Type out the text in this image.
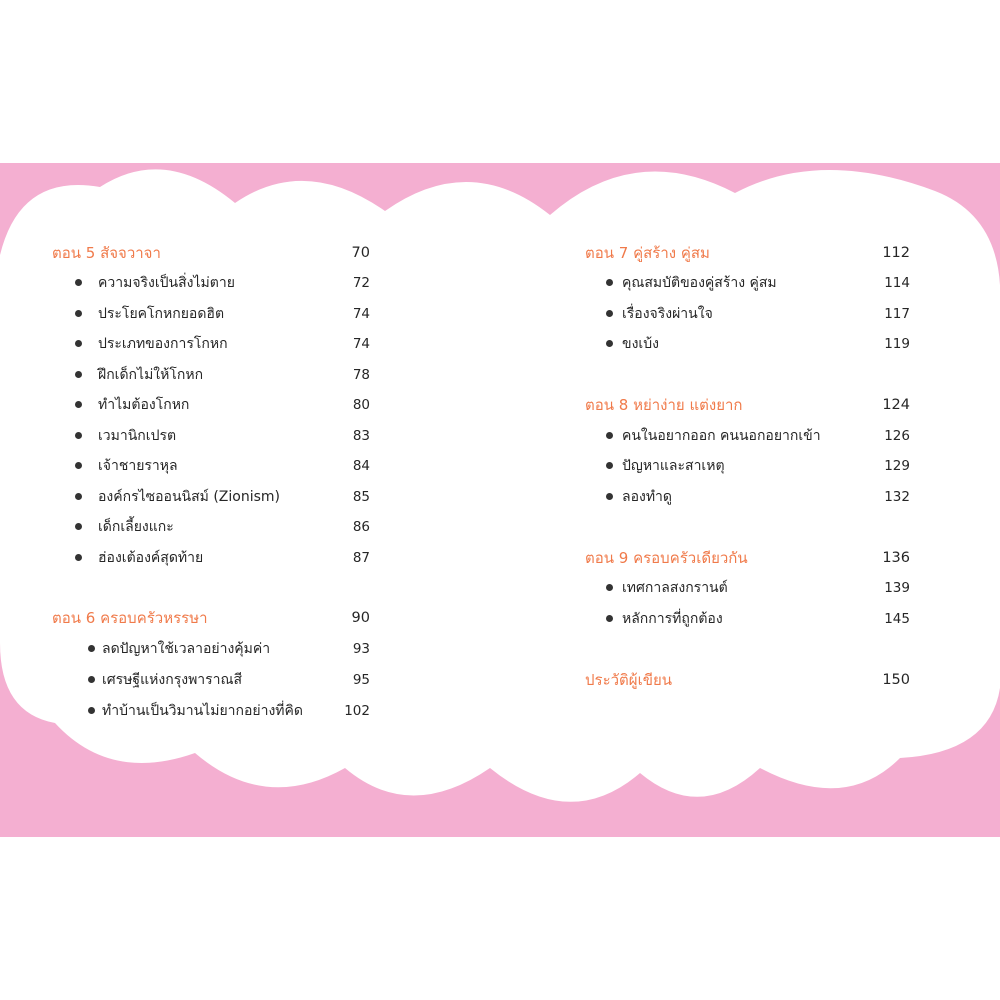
ตอน 5 สัจจวาจา	70
ความจริงเป็นสิ่งไม่ตาย	72
ประโยคโกหกยอดฮิต	74
ประเภทของการโกหก	74
ฝึกเด็กไม่ให้โกหก	78
ทำไมต้องโกหก	80
เวมานิกเปรต	83
เจ้าชายราหุล	84
องค์กรไซออนนิสม์ (Zionism)	85
เด็กเลี้ยงแกะ	86
ฮ่องเต้องค์สุดท้าย	87
ตอน 6 ครอบครัวหรรษา	90
ลดปัญหาใช้เวลาอย่างคุ้มค่า	93
เศรษฐีแห่งกรุงพาราณสี	95
ทำบ้านเป็นวิมานไม่ยากอย่างที่คิด	102
ตอน 7 คู่สร้าง คู่สม	112
คุณสมบัติของคู่สร้าง คู่สม	114
เรื่องจริงผ่านใจ	117
ขงเบ้ง	119
ตอน 8 หย่าง่าย แต่งยาก	124
คนในอยากออก คนนอกอยากเข้า	126
ปัญหาและสาเหตุ	129
ลองทำดู	132
ตอน 9 ครอบครัวเดียวกัน	136
เทศกาลสงกรานต์	139
หลักการที่ถูกต้อง	145
ประวัติผู้เขียน	150
